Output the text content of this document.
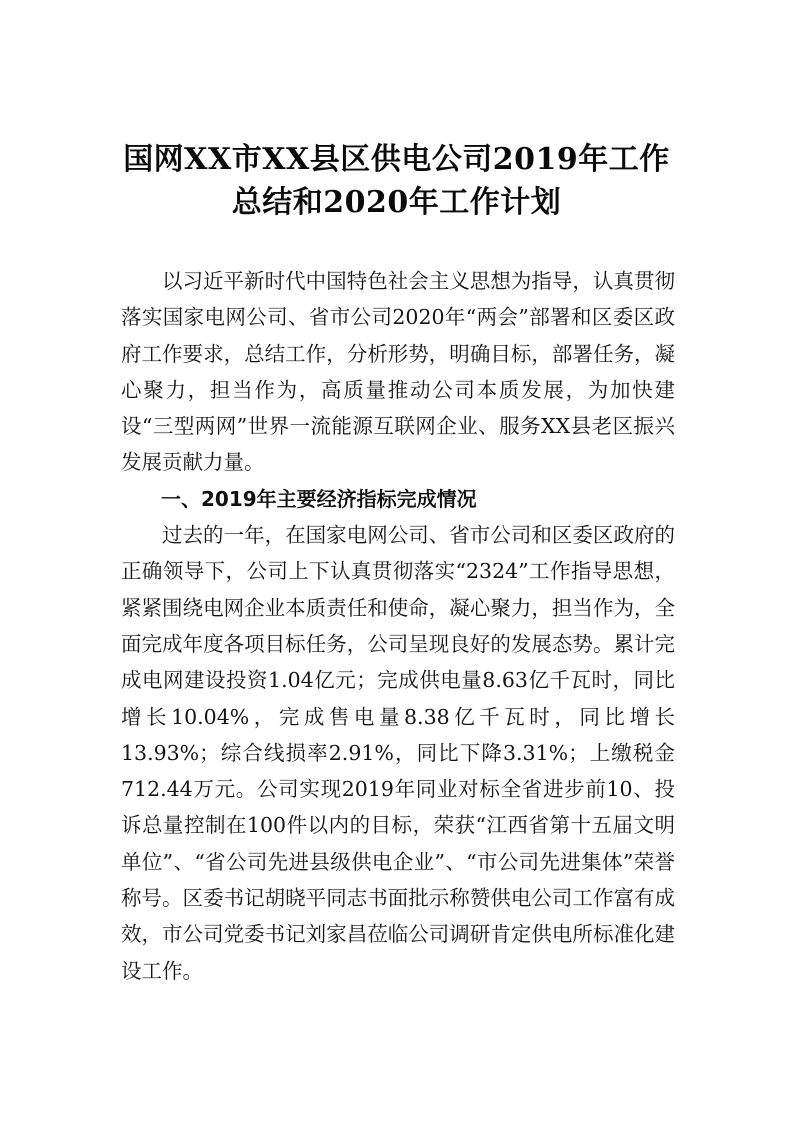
国网XX市XX县区供电公司2019年工作
总结和2020年工作计划

以习近平新时代中国特色社会主义思想为指导，认真贯彻落实国家电网公司、省市公司2020年“两会”部署和区委区政府工作要求，总结工作，分析形势，明确目标，部署任务，凝心聚力，担当作为，高质量推动公司本质发展，为加快建设“三型两网”世界一流能源互联网企业、服务XX县老区振兴发展贡献力量。

一、2019年主要经济指标完成情况

过去的一年，在国家电网公司、省市公司和区委区政府的正确领导下，公司上下认真贯彻落实“2324”工作指导思想，紧紧围绕电网企业本质责任和使命，凝心聚力，担当作为，全面完成年度各项目标任务，公司呈现良好的发展态势。累计完成电网建设投资1.04亿元；完成供电量8.63亿千瓦时，同比增长10.04%，完成售电量8.38亿千瓦时，同比增长13.93%；综合线损率2.91%，同比下降3.31%；上缴税金712.44万元。公司实现2019年同业对标全省进步前10、投诉总量控制在100件以内的目标，荣获“江西省第十五届文明单位”、“省公司先进县级供电企业”、“市公司先进集体”荣誉称号。区委书记胡晓平同志书面批示称赞供电公司工作富有成效，市公司党委书记刘家昌莅临公司调研肯定供电所标准化建设工作。
